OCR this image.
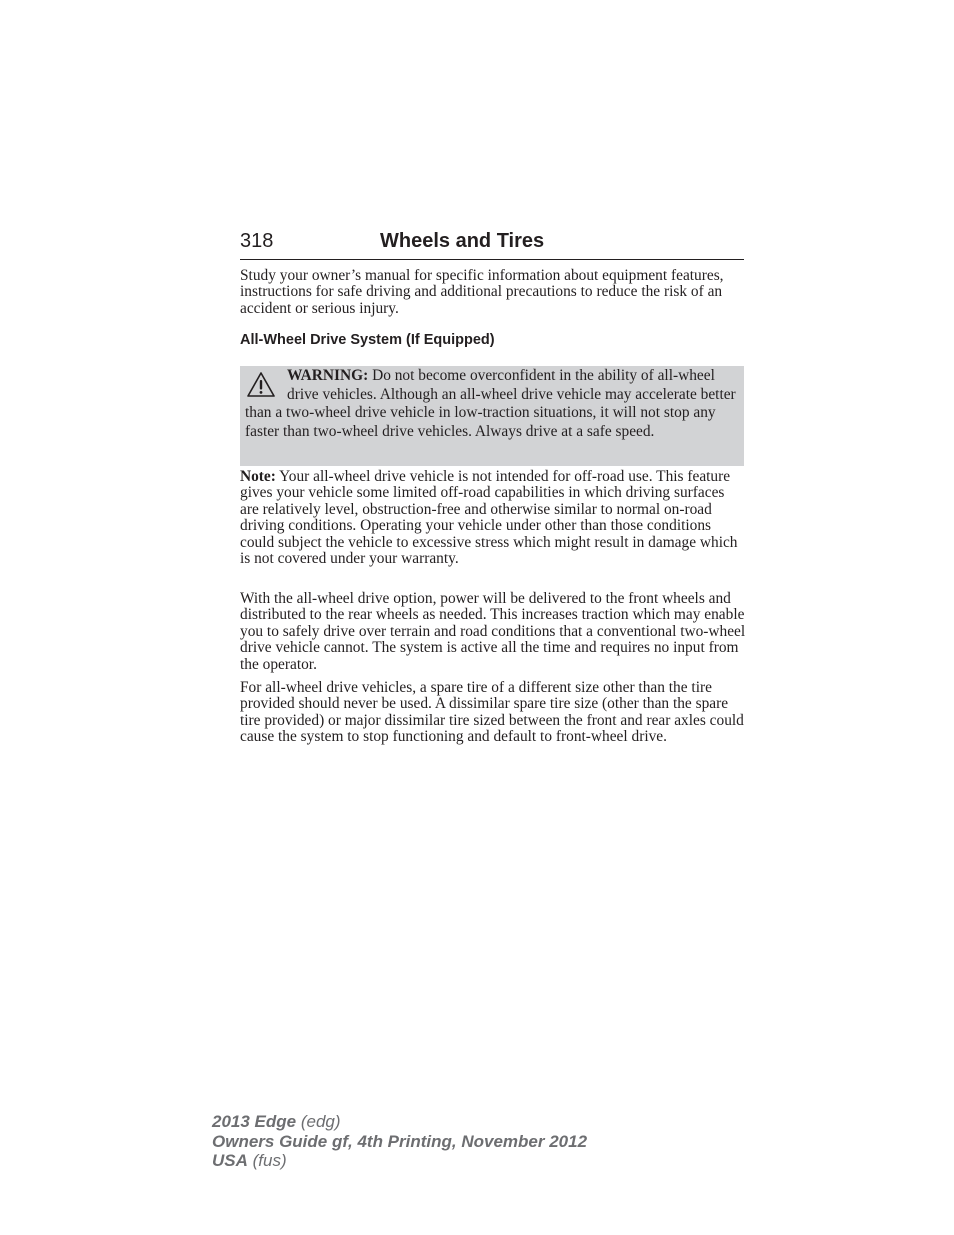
318	Wheels and Tires

Study your owner’s manual for specific information about equipment features, instructions for safe driving and additional precautions to reduce the risk of an accident or serious injury.

All-Wheel Drive System (If Equipped)
WARNING: Do not become overconfident in the ability of all-wheel drive vehicles. Although an all-wheel drive vehicle may accelerate better than a two-wheel drive vehicle in low-traction situations, it will not stop any faster than two-wheel drive vehicles. Always drive at a safe speed.

Note: Your all-wheel drive vehicle is not intended for off-road use. This feature gives your vehicle some limited off-road capabilities in which driving surfaces are relatively level, obstruction-free and otherwise similar to normal on-road driving conditions. Operating your vehicle under other than those conditions could subject the vehicle to excessive stress which might result in damage which is not covered under your warranty.

With the all-wheel drive option, power will be delivered to the front wheels and distributed to the rear wheels as needed. This increases traction which may enable you to safely drive over terrain and road conditions that a conventional two-wheel drive vehicle cannot. The system is active all the time and requires no input from the operator.

For all-wheel drive vehicles, a spare tire of a different size other than the tire provided should never be used. A dissimilar spare tire size (other than the spare tire provided) or major dissimilar tire sized between the front and rear axles could cause the system to stop functioning and default to front-wheel drive.

2013 Edge (edg)
Owners Guide gf, 4th Printing, November 2012
USA (fus)
